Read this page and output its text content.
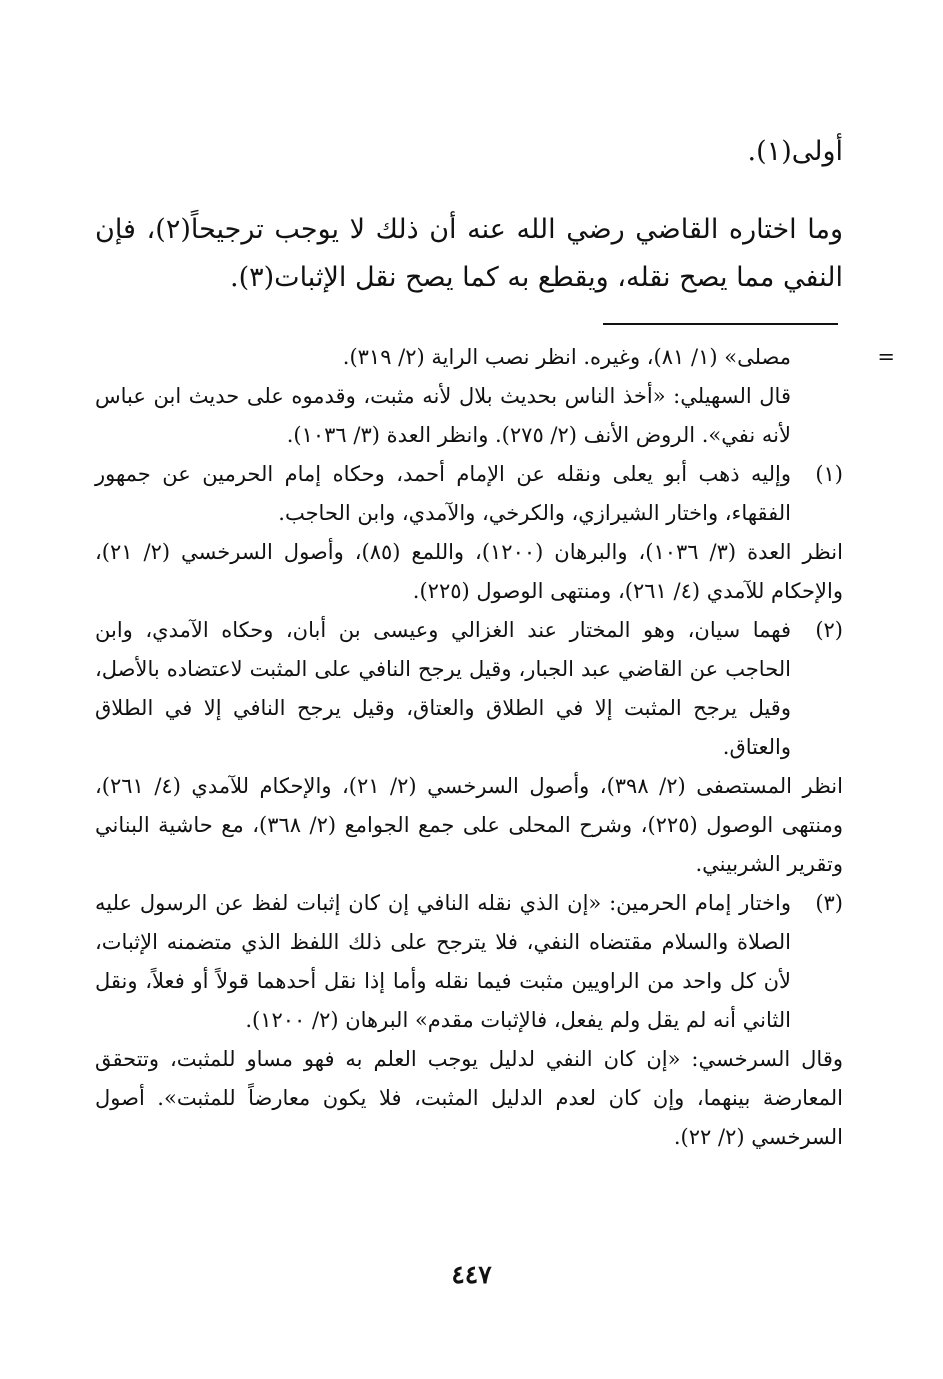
أولى(١).
وما اختاره القاضي رضي الله عنه أن ذلك لا يوجب ترجيحاً(٢)، فإن النفي مما يصح نقله، ويقطع به كما يصح نقل الإثبات(٣).

=
مصلى» (١/ ٨١)، وغيره. انظر نصب الراية (٢/ ٣١٩).

قال السهيلي: «أخذ الناس بحديث بلال لأنه مثبت، وقدموه على حديث ابن عباس لأنه نفي». الروض الأنف (٢/ ٢٧٥). وانظر العدة (٣/ ١٠٣٦).

(١)
وإليه ذهب أبو يعلى ونقله عن الإمام أحمد، وحكاه إمام الحرمين عن جمهور الفقهاء، واختار الشيرازي، والكرخي، والآمدي، وابن الحاجب.

انظر العدة (٣/ ١٠٣٦)، والبرهان (١٢٠٠)، واللمع (٨٥)، وأصول السرخسي (٢/ ٢١)، والإحكام للآمدي (٤/ ٢٦١)، ومنتهى الوصول (٢٢٥).

(٢)
فهما سيان، وهو المختار عند الغزالي وعيسى بن أبان، وحكاه الآمدي، وابن الحاجب عن القاضي عبد الجبار، وقيل يرجح النافي على المثبت لاعتضاده بالأصل، وقيل يرجح المثبت إلا في الطلاق والعتاق، وقيل يرجح النافي إلا في الطلاق والعتاق.

انظر المستصفى (٢/ ٣٩٨)، وأصول السرخسي (٢/ ٢١)، والإحكام للآمدي (٤/ ٢٦١)، ومنتهى الوصول (٢٢٥)، وشرح المحلى على جمع الجوامع (٢/ ٣٦٨)، مع حاشية البناني وتقرير الشربيني.

(٣)
واختار إمام الحرمين: «إن الذي نقله النافي إن كان إثبات لفظ عن الرسول عليه الصلاة والسلام مقتضاه النفي، فلا يترجح على ذلك اللفظ الذي متضمنه الإثبات، لأن كل واحد من الراويين مثبت فيما نقله وأما إذا نقل أحدهما قولاً أو فعلاً، ونقل الثاني أنه لم يقل ولم يفعل، فالإثبات مقدم» البرهان (٢/ ١٢٠٠).

وقال السرخسي: «إن كان النفي لدليل يوجب العلم به فهو مساو للمثبت، وتتحقق المعارضة بينهما، وإن كان لعدم الدليل المثبت، فلا يكون معارضاً للمثبت». أصول السرخسي (٢/ ٢٢).

٤٤٧
